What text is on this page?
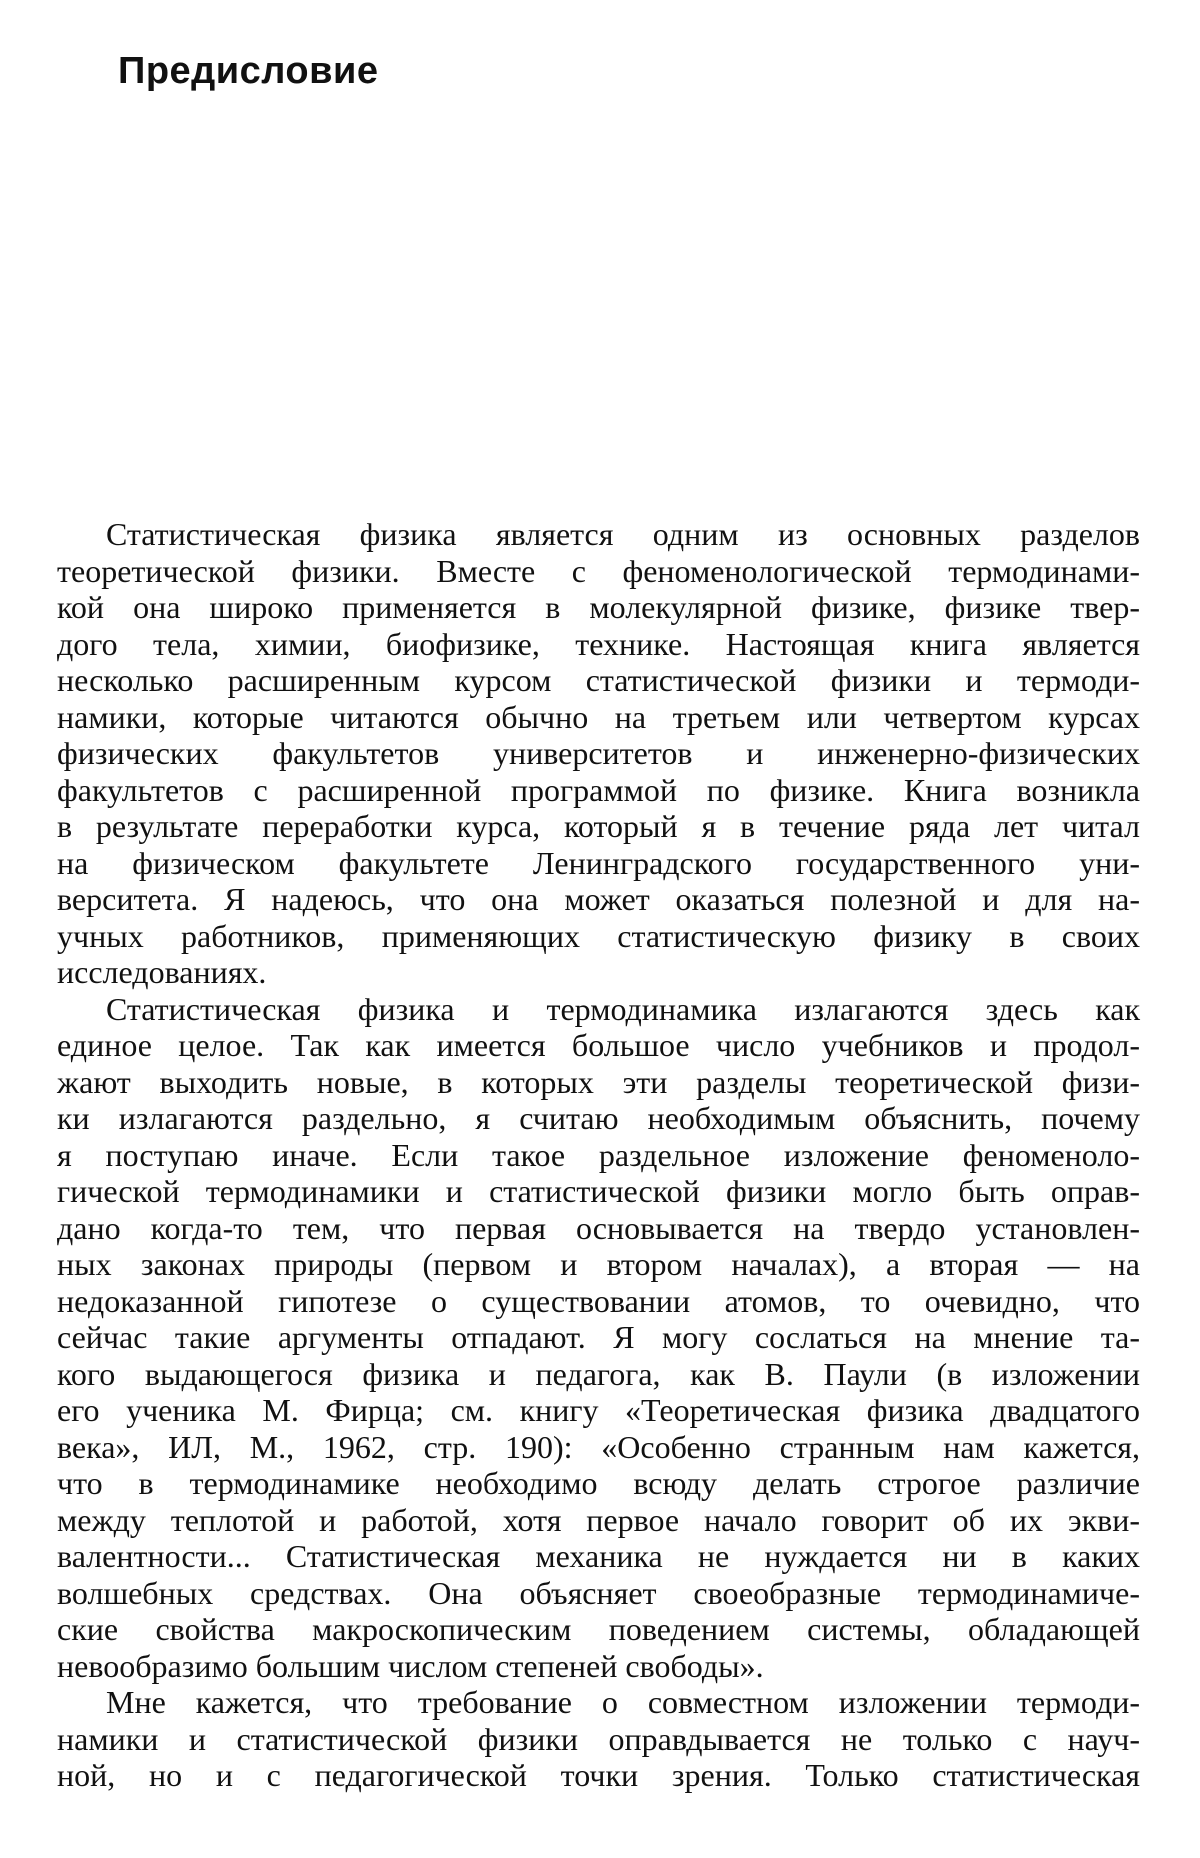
Предисловие
Статистическая физика является одним из основных разделов
теоретической физики. Вместе с феноменологической термодинами-
кой она широко применяется в молекулярной физике, физике твер-
дого тела, химии, биофизике, технике. Настоящая книга является
несколько расширенным курсом статистической физики и термоди-
намики, которые читаются обычно на третьем или четвертом курсах
физических факультетов университетов и инженерно-физических
факультетов с расширенной программой по физике. Книга возникла
в результате переработки курса, который я в течение ряда лет читал
на физическом факультете Ленинградского государственного уни-
верситета. Я надеюсь, что она может оказаться полезной и для на-
учных работников, применяющих статистическую физику в своих
исследованиях.
Статистическая физика и термодинамика излагаются здесь как
единое целое. Так как имеется большое число учебников и продол-
жают выходить новые, в которых эти разделы теоретической физи-
ки излагаются раздельно, я считаю необходимым объяснить, почему
я поступаю иначе. Если такое раздельное изложение феноменоло-
гической термодинамики и статистической физики могло быть оправ-
дано когда-то тем, что первая основывается на твердо установлен-
ных законах природы (первом и втором началах), а вторая — на
недоказанной гипотезе о существовании атомов, то очевидно, что
сейчас такие аргументы отпадают. Я могу сослаться на мнение та-
кого выдающегося физика и педагога, как В. Паули (в изложении
его ученика М. Фирца; см. книгу «Теоретическая физика двадцатого
века», ИЛ, М., 1962, стр. 190): «Особенно странным нам кажется,
что в термодинамике необходимо всюду делать строгое различие
между теплотой и работой, хотя первое начало говорит об их экви-
валентности... Статистическая механика не нуждается ни в каких
волшебных средствах. Она объясняет своеобразные термодинамиче-
ские свойства макроскопическим поведением системы, обладающей
невообразимо большим числом степеней свободы».
Мне кажется, что требование о совместном изложении термоди-
намики и статистической физики оправдывается не только с науч-
ной, но и с педагогической точки зрения. Только статистическая
